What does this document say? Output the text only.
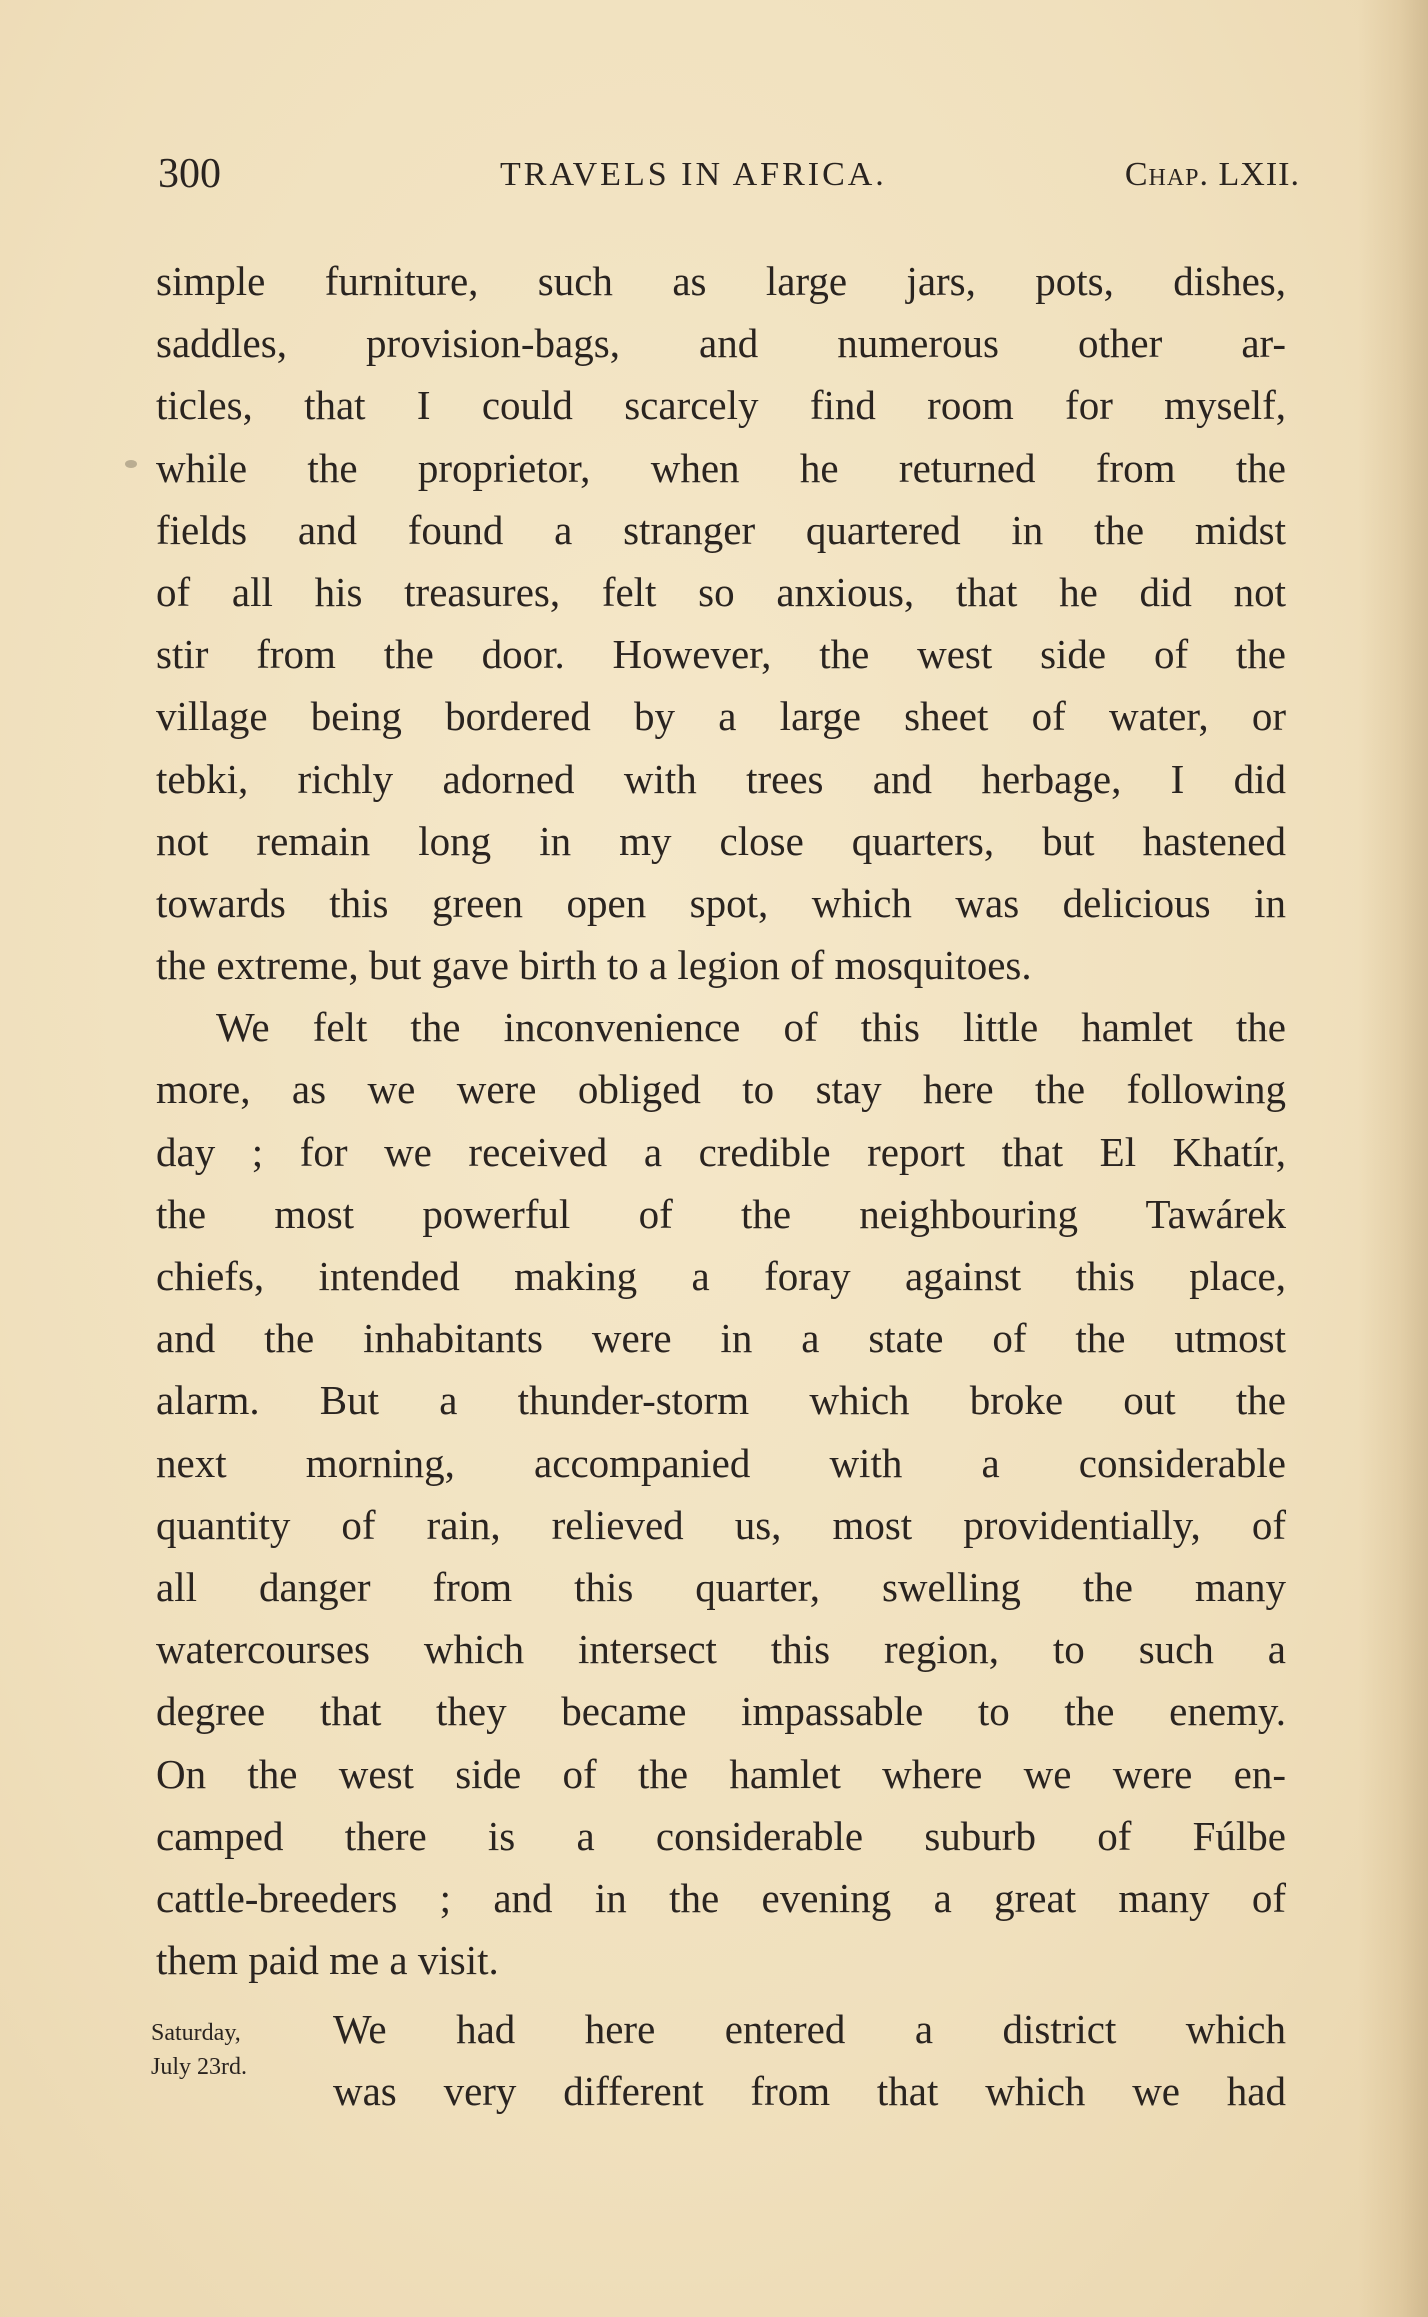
300	TRAVELS IN AFRICA.	Chap. LXII.
simple furniture, such as large jars, pots, dishes,
saddles, provision-bags, and numerous other ar-
ticles, that I could scarcely find room for myself,
while the proprietor, when he returned from the
fields and found a stranger quartered in the midst
of all his treasures, felt so anxious, that he did not
stir from the door. However, the west side of the
village being bordered by a large sheet of water, or
tebki, richly adorned with trees and herbage, I did
not remain long in my close quarters, but hastened
towards this green open spot, which was delicious in
the extreme, but gave birth to a legion of mosquitoes.
We felt the inconvenience of this little hamlet the
more, as we were obliged to stay here the following
day ; for we received a credible report that El Khatír,
the most powerful of the neighbouring Tawárek
chiefs, intended making a foray against this place,
and the inhabitants were in a state of the utmost
alarm. But a thunder-storm which broke out the
next morning, accompanied with a considerable
quantity of rain, relieved us, most providentially, of
all danger from this quarter, swelling the many
watercourses which intersect this region, to such a
degree that they became impassable to the enemy.
On the west side of the hamlet where we were en-
camped there is a considerable suburb of Fúlbe
cattle-breeders ; and in the evening a great many of
them paid me a visit.
Saturday,
July 23rd.
We had here entered a district which
was very different from that which we had
